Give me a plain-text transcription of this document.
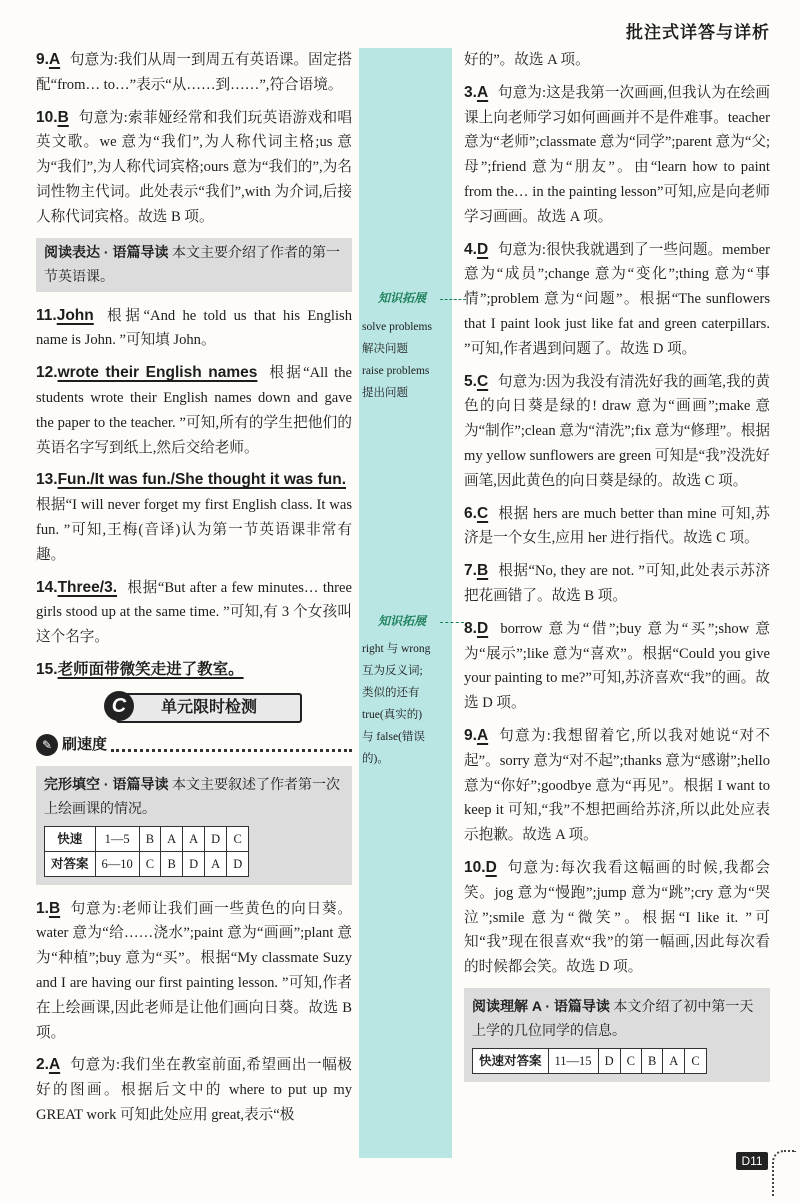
批注式详答与详析

9.A 句意为:我们从周一到周五有英语课。固定搭配“from… to…”表示“从……到……”,符合语境。

10.B 句意为:索菲娅经常和我们玩英语游戏和唱英文歌。we 意为“我们”,为人称代词主格;us 意为“我们”,为人称代词宾格;ours 意为“我们的”,为名词性物主代词。此处表示“我们”,with 为介词,后接人称代词宾格。故选 B 项。

阅读表达 · 语篇导读 本文主要介绍了作者的第一节英语课。

11.John 根据“And he told us that his English name is John. ”可知填 John。

12.wrote their English names 根据“All the students wrote their English names down and gave the paper to the teacher. ”可知,所有的学生把他们的英语名字写到纸上,然后交给老师。

13.Fun./It was fun./She thought it was fun. 根据“I will never forget my first English class. It was fun. ”可知,王梅(音译)认为第一节英语课非常有趣。

14.Three/3. 根据“But after a few minutes… three girls stood up at the same time. ”可知,有 3 个女孩叫这个名字。

15.老师面带微笑走进了教室。

C	单元限时检测
✎ 刷速度
完形填空 · 语篇导读 本文主要叙述了作者第一次上绘画课的情况。
快速	1—5	B	A	A	D	C
对答案	6—10	C	B	D	A	D

1.B 句意为:老师让我们画一些黄色的向日葵。water 意为“给……浇水”;paint 意为“画画”;plant 意为“种植”;buy 意为“买”。根据“My classmate Suzy and I are having our first painting lesson. ”可知,作者在上绘画课,因此老师是让他们画向日葵。故选 B 项。

2.A 句意为:我们坐在教室前面,希望画出一幅极好的图画。根据后文中的 where to put up my GREAT work 可知此处应用 great,表示“极

知识拓展
solve problems
解决问题
raise problems
提出问题
知识拓展
right 与 wrong
互为反义词;
类似的还有
true(真实的)
与 false(错误
的)。

好的”。故选 A 项。

3.A 句意为:这是我第一次画画,但我认为在绘画课上向老师学习如何画画并不是件难事。teacher 意为“老师”;classmate 意为“同学”;parent 意为“父;母”;friend 意为“朋友”。由“learn how to paint from the… in the painting lesson”可知,应是向老师学习画画。故选 A 项。

4.D 句意为:很快我就遇到了一些问题。member 意为“成员”;change 意为“变化”;thing 意为“事情”;problem 意为“问题”。根据“The sunflowers that I paint look just like fat and green caterpillars. ”可知,作者遇到问题了。故选 D 项。

5.C 句意为:因为我没有清洗好我的画笔,我的黄色的向日葵是绿的! draw 意为“画画”;make 意为“制作”;clean 意为“清洗”;fix 意为“修理”。根据 my yellow sunflowers are green 可知是“我”没洗好画笔,因此黄色的向日葵是绿的。故选 C 项。

6.C 根据 hers are much better than mine 可知,苏济是一个女生,应用 her 进行指代。故选 C 项。

7.B 根据“No, they are not. ”可知,此处表示苏济把花画错了。故选 B 项。

8.D borrow 意为“借”;buy 意为“买”;show 意为“展示”;like 意为“喜欢”。根据“Could you give your painting to me?”可知,苏济喜欢“我”的画。故选 D 项。

9.A 句意为:我想留着它,所以我对她说“对不起”。sorry 意为“对不起”;thanks 意为“感谢”;hello 意为“你好”;goodbye 意为“再见”。根据 I want to keep it 可知,“我”不想把画给苏济,所以此处应表示抱歉。故选 A 项。

10.D 句意为:每次我看这幅画的时候,我都会笑。jog 意为“慢跑”;jump 意为“跳”;cry 意为“哭泣”;smile 意为“微笑”。根据“I like it. ”可知“我”现在很喜欢“我”的第一幅画,因此每次看的时候都会笑。故选 D 项。

阅读理解 A · 语篇导读 本文介绍了初中第一天上学的几位同学的信息。
快速对答案	11—15	D	C	B	A	C
D11
